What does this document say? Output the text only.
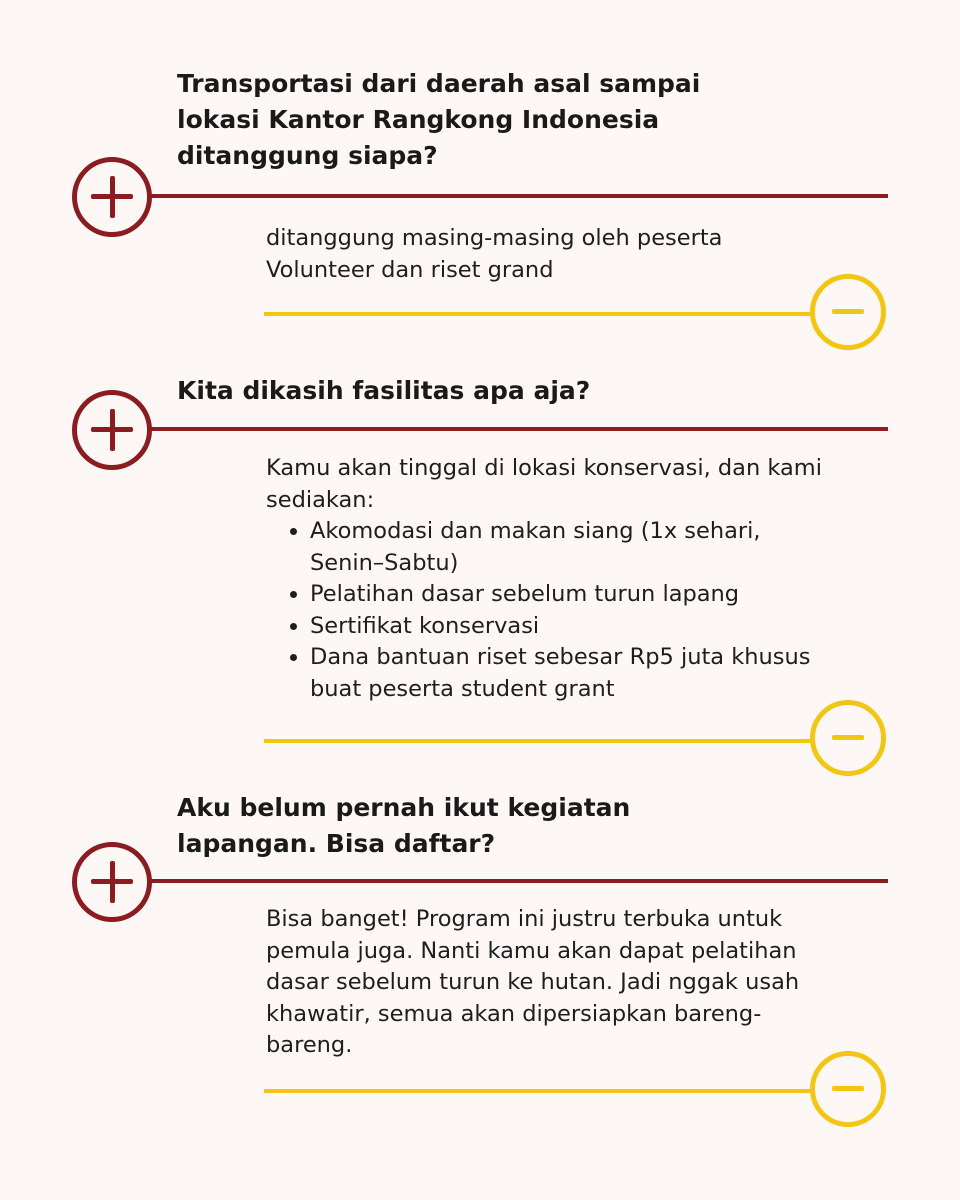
Transportasi dari daerah asal sampai lokasi Kantor Rangkong Indonesia ditanggung siapa?

ditanggung masing-masing oleh peserta Volunteer dan riset grand

Kita dikasih fasilitas apa aja?

Kamu akan tinggal di lokasi konservasi, dan kami sediakan:

• Akomodasi dan makan siang (1x sehari, Senin–Sabtu)
• Pelatihan dasar sebelum turun lapang
• Sertifikat konservasi
• Dana bantuan riset sebesar Rp5 juta khusus buat peserta student grant
Aku belum pernah ikut kegiatan lapangan. Bisa daftar?

Bisa banget! Program ini justru terbuka untuk pemula juga. Nanti kamu akan dapat pelatihan dasar sebelum turun ke hutan. Jadi nggak usah khawatir, semua akan dipersiapkan bareng-bareng.
